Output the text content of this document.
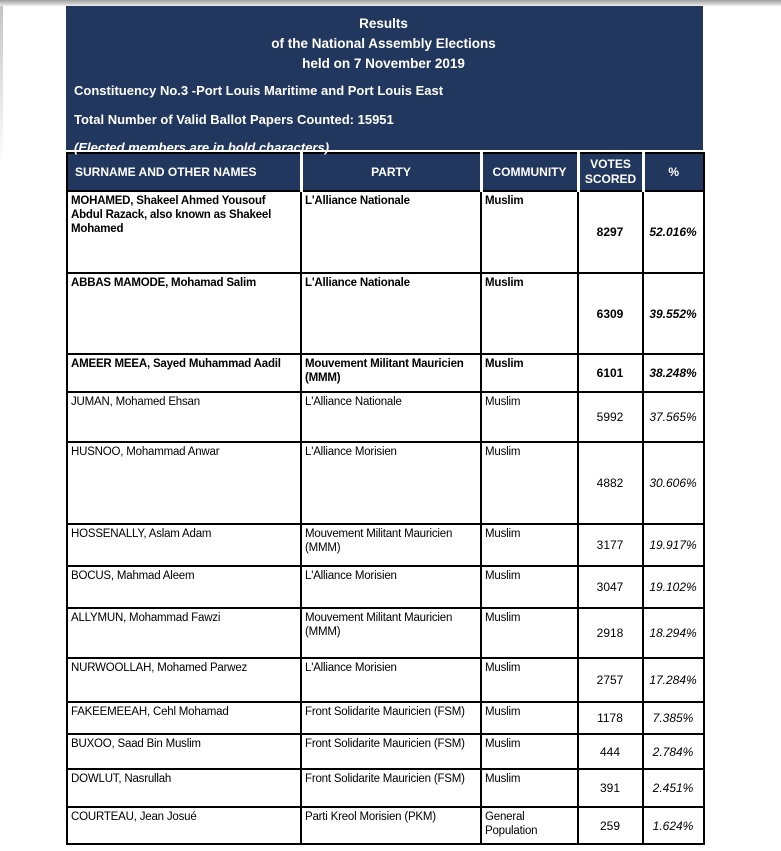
Results
of the National Assembly Elections
held on 7 November 2019
Constituency No.3 -Port Louis Maritime and Port Louis East
Total Number of Valid Ballot Papers Counted: 15951
(Elected members are in bold characters)
SURNAME AND OTHER NAMES	PARTY	COMMUNITY	VOTES SCORED	%
MOHAMED, Shakeel Ahmed Yousouf Abdul Razack, also known as Shakeel Mohamed	L'Alliance Nationale	Muslim	8297	52.016%
ABBAS MAMODE, Mohamad Salim	L'Alliance Nationale	Muslim	6309	39.552%
AMEER MEEA, Sayed Muhammad Aadil	Mouvement Militant Mauricien (MMM)	Muslim	6101	38.248%
JUMAN, Mohamed Ehsan	L'Alliance Nationale	Muslim	5992	37.565%
HUSNOO, Mohammad Anwar	L'Alliance Morisien	Muslim	4882	30.606%
HOSSENALLY, Aslam Adam	Mouvement Militant Mauricien (MMM)	Muslim	3177	19.917%
BOCUS, Mahmad Aleem	L'Alliance Morisien	Muslim	3047	19.102%
ALLYMUN, Mohammad Fawzi	Mouvement Militant Mauricien (MMM)	Muslim	2918	18.294%
NURWOOLLAH, Mohamed Parwez	L'Alliance Morisien	Muslim	2757	17.284%
FAKEEMEEAH, Cehl Mohamad	Front Solidarite Mauricien (FSM)	Muslim	1178	7.385%
BUXOO, Saad Bin Muslim	Front Solidarite Mauricien (FSM)	Muslim	444	2.784%
DOWLUT, Nasrullah	Front Solidarite Mauricien (FSM)	Muslim	391	2.451%
COURTEAU, Jean Josué	Parti Kreol Morisien (PKM)	General Population	259	1.624%
